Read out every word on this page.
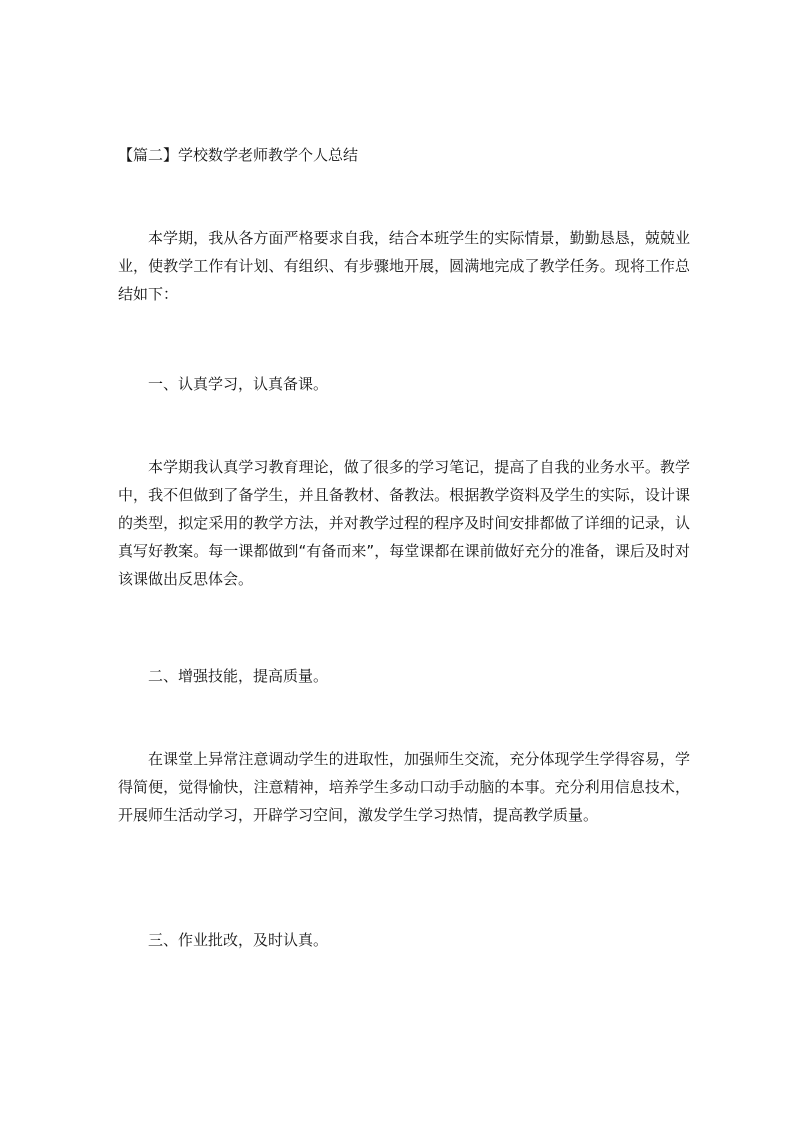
【篇二】学校数学老师教学个人总结
本学期，我从各方面严格要求自我，结合本班学生的实际情景，勤勤恳恳，兢兢业业，使教学工作有计划、有组织、有步骤地开展，圆满地完成了教学任务。现将工作总结如下：
一、认真学习，认真备课。
本学期我认真学习教育理论，做了很多的学习笔记，提高了自我的业务水平。教学中，我不但做到了备学生，并且备教材、备教法。根据教学资料及学生的实际，设计课的类型，拟定采用的教学方法，并对教学过程的程序及时间安排都做了详细的记录，认真写好教案。每一课都做到“有备而来”，每堂课都在课前做好充分的准备，课后及时对该课做出反思体会。
二、增强技能，提高质量。
在课堂上异常注意调动学生的进取性，加强师生交流，充分体现学生学得容易，学得简便，觉得愉快，注意精神，培养学生多动口动手动脑的本事。充分利用信息技术，开展师生活动学习，开辟学习空间，激发学生学习热情，提高教学质量。
三、作业批改，及时认真。
